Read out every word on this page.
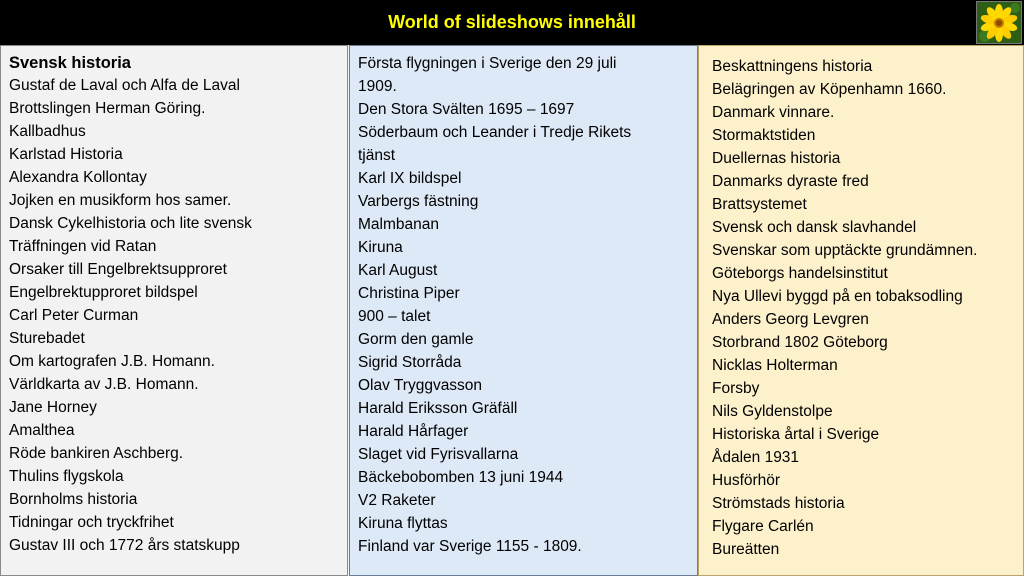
World of slideshows innehåll
Svensk historia
Gustaf de Laval och Alfa de Laval
Brottslingen Herman Göring.
Kallbadhus
Karlstad Historia
Alexandra Kollontay
Jojken en musikform hos samer.
Dansk Cykelhistoria och lite svensk
Träffningen vid Ratan
Orsaker till Engelbrektsupproret
Engelbrektupproret bildspel
Carl Peter Curman
Sturebadet
Om kartografen J.B. Homann.
Världkarta av J.B. Homann.
Jane Horney
Amalthea
Röde bankiren Aschberg.
Thulins flygskola
Bornholms historia
Tidningar och tryckfrihet
Gustav III och 1772 års statskupp
Första flygningen i Sverige den 29 juli 1909.
Den Stora Svälten 1695 – 1697
Söderbaum och Leander i Tredje Rikets tjänst
Karl IX bildspel
Varbergs fästning
Malmbanan
Kiruna
Karl August
Christina Piper
900 – talet
Gorm den gamle
Sigrid Storråda
Olav Tryggvasson
Harald Eriksson Gräfäll
Harald Hårfager
Slaget vid Fyrisvallarna
Bäckebobomben 13 juni 1944
V2 Raketer
Kiruna flyttas
Finland var Sverige 1155 - 1809.
Beskattningens historia
Belägringen av Köpenhamn 1660.
Danmark vinnare.
Stormaktstiden
Duellernas historia
Danmarks dyraste fred
Brattsystemet
Svensk och dansk slavhandel
Svenskar som upptäckte grundämnen.
Göteborgs handelsinstitut
Nya Ullevi byggd på en tobaksodling
Anders Georg Levgren
Storbrand 1802 Göteborg
Nicklas Holterman
Forsby
Nils Gyldenstolpe
Historiska årtal i Sverige
Ådalen 1931
Husförhör
Strömstads historia
Flygare Carlén
Bureätten
